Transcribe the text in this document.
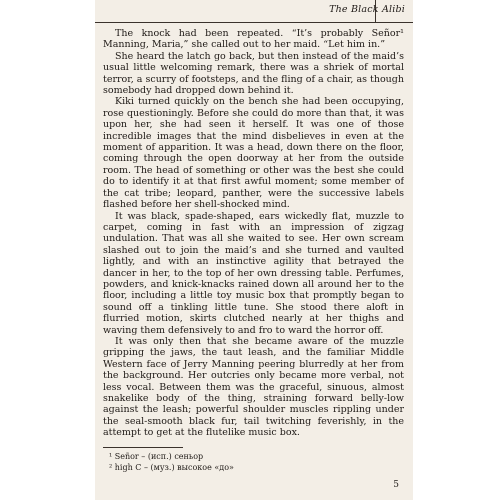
The Black Alibi

The knock had been repeated. “It’s probably Señor¹ Manning, Maria,” she called out to her maid. “Let him in.”

She heard the latch go back, but then instead of the maid’s usual little welcoming remark, there was a shriek of mortal terror, a scurry of footsteps, and the fling of a chair, as though somebody had dropped down behind it.

Kiki turned quickly on the bench she had been occupying, rose questioningly. Before she could do more than that, it was upon her, she had seen it herself. It was one of those incredible images that the mind disbelieves in even at the moment of apparition. It was a head, down there on the floor, coming through the open doorway at her from the outside room. The head of something or other was the best she could do to identify it at that first awful moment; some member of the cat tribe; leopard, panther, were the successive labels flashed before her shell-shocked mind.

It was black, spade-shaped, ears wickedly flat, muzzle to carpet, coming in fast with an impression of zigzag undulation. That was all she waited to see. Her own scream slashed out to join the maid’s and she turned and vaulted lightly, and with an instinctive agility that betrayed the dancer in her, to the top of her own dressing table. Perfumes, powders, and knick-knacks rained down all around her to the floor, including a little toy music box that promptly began to sound off a tinkling little tune. She stood there aloft in flurried motion, skirts clutched nearly at her thighs and waving them defensively to and fro to ward the horror off.

It was only then that she became aware of the muzzle gripping the jaws, the taut leash, and the familiar Middle Western face of Jerry Manning peering blurredly at her from the background. Her outcries only became more verbal, not less vocal. Between them was the graceful, sinuous, almost snakelike body of the thing, straining forward belly-low against the leash; powerful shoulder muscles rippling under the seal-smooth black fur, tail twitching feverishly, in the attempt to get at the flutelike music box.

¹ Señor – (исп.) сеньор
² high C – (муз.) высокое «до»
5
